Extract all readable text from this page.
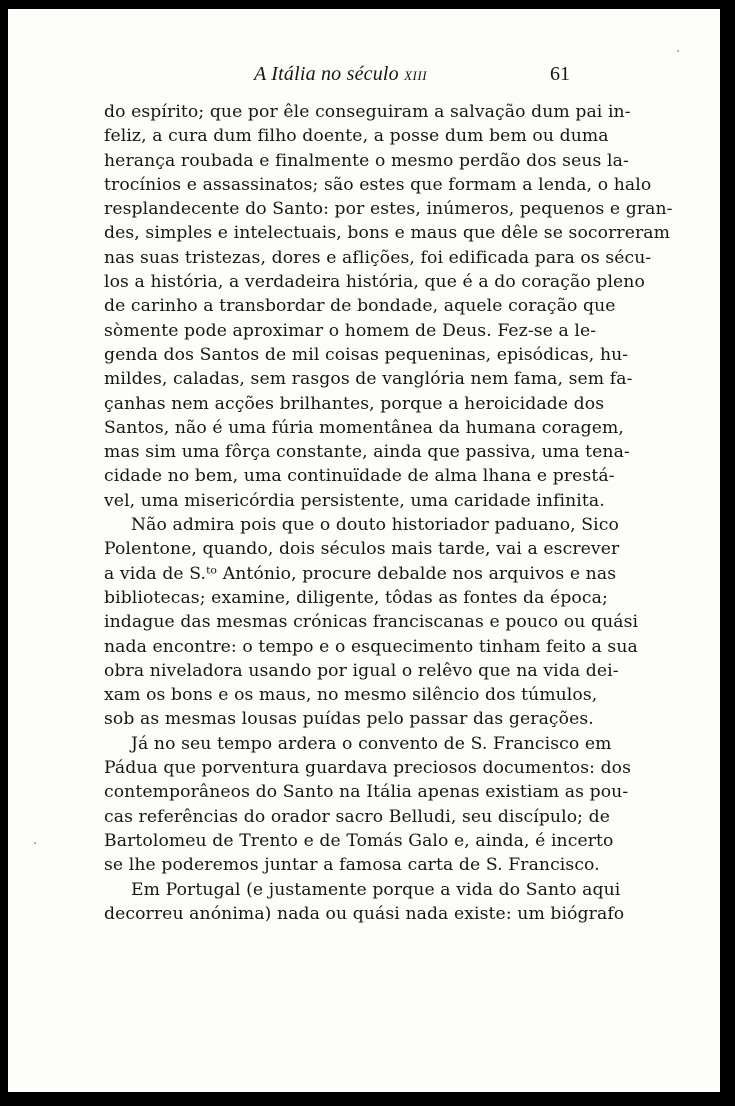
A Itália no século XIII	61
do espírito; que por êle conseguiram a salvação dum pai in-
feliz, a cura dum filho doente, a posse dum bem ou duma
herança roubada e finalmente o mesmo perdão dos seus la-
trocínios e assassinatos; são estes que formam a lenda, o halo
resplandecente do Santo: por estes, inúmeros, pequenos e gran-
des, simples e intelectuais, bons e maus que dêle se socorreram
nas suas tristezas, dores e aflições, foi edificada para os sécu-
los a história, a verdadeira história, que é a do coração pleno
de carinho a transbordar de bondade, aquele coração que
sòmente pode aproximar o homem de Deus. Fez-se a le-
genda dos Santos de mil coisas pequeninas, episódicas, hu-
mildes, caladas, sem rasgos de vanglória nem fama, sem fa-
çanhas nem acções brilhantes, porque a heroicidade dos
Santos, não é uma fúria momentânea da humana coragem,
mas sim uma fôrça constante, ainda que passiva, uma tena-
cidade no bem, uma continuïdade de alma lhana e prestá-
vel, uma misericórdia persistente, uma caridade infinita.
Não admira pois que o douto historiador paduano, Sico
Polentone, quando, dois séculos mais tarde, vai a escrever
a vida de S.ᵗᵒ António, procure debalde nos arquivos e nas
bibliotecas; examine, diligente, tôdas as fontes da época;
indague das mesmas crónicas franciscanas e pouco ou quási
nada encontre: o tempo e o esquecimento tinham feito a sua
obra niveladora usando por igual o relêvo que na vida dei-
xam os bons e os maus, no mesmo silêncio dos túmulos,
sob as mesmas lousas puídas pelo passar das gerações.
Já no seu tempo ardera o convento de S. Francisco em
Pádua que porventura guardava preciosos documentos: dos
contemporâneos do Santo na Itália apenas existiam as pou-
cas referências do orador sacro Belludi, seu discípulo; de
Bartolomeu de Trento e de Tomás Galo e, ainda, é incerto
se lhe poderemos juntar a famosa carta de S. Francisco.
Em Portugal (e justamente porque a vida do Santo aqui
decorreu anónima) nada ou quási nada existe: um biógrafo
